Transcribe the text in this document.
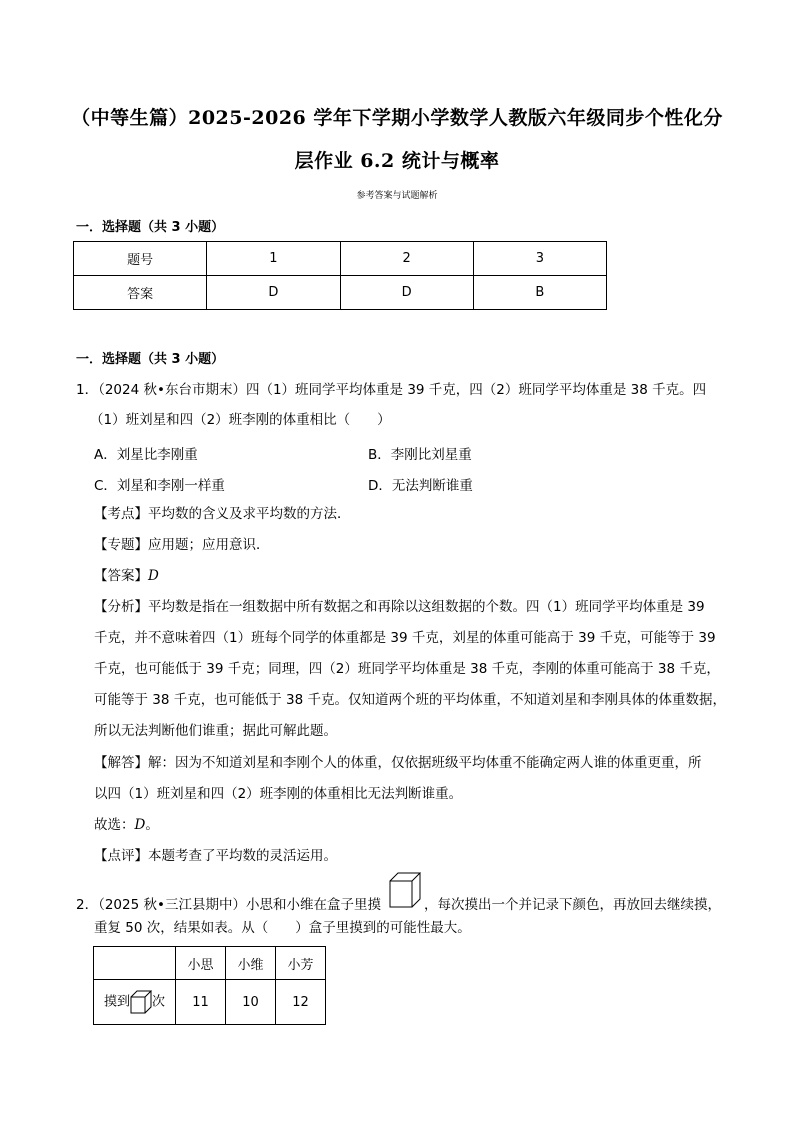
（中等生篇）2025-2026 学年下学期小学数学人教版六年级同步个性化分
层作业 6.2 统计与概率
参考答案与试题解析
一．选择题（共 3 小题）
题号	1	2	3
答案	D	D	B
一．选择题（共 3 小题）
1．（2024 秋•东台市期末）四（1）班同学平均体重是 39 千克，四（2）班同学平均体重是 38 千克。四
（1）班刘星和四（2）班李刚的体重相比（　　）
A．刘星比李刚重	B．李刚比刘星重
C．刘星和李刚一样重	D．无法判断谁重
【考点】平均数的含义及求平均数的方法．
【专题】应用题；应用意识．
【答案】D
【分析】平均数是指在一组数据中所有数据之和再除以这组数据的个数。四（1）班同学平均体重是 39
千克，并不意味着四（1）班每个同学的体重都是 39 千克，刘星的体重可能高于 39 千克，可能等于 39
千克，也可能低于 39 千克；同理，四（2）班同学平均体重是 38 千克，李刚的体重可能高于 38 千克，
可能等于 38 千克，也可能低于 38 千克。仅知道两个班的平均体重，不知道刘星和李刚具体的体重数据，
所以无法判断他们谁重；据此可解此题。
【解答】解：因为不知道刘星和李刚个人的体重，仅依据班级平均体重不能确定两人谁的体重更重，所
以四（1）班刘星和四（2）班李刚的体重相比无法判断谁重。
故选：D。
【点评】本题考查了平均数的灵活运用。
2．（2025 秋•三江县期中）小思和小维在盒子里摸	，每次摸出一个并记录下颜色，再放回去继续摸，
重复 50 次，结果如表。从（　　）盒子里摸到的可能性最大。
	小思	小维	小芳
摸到 次	11	10	12
